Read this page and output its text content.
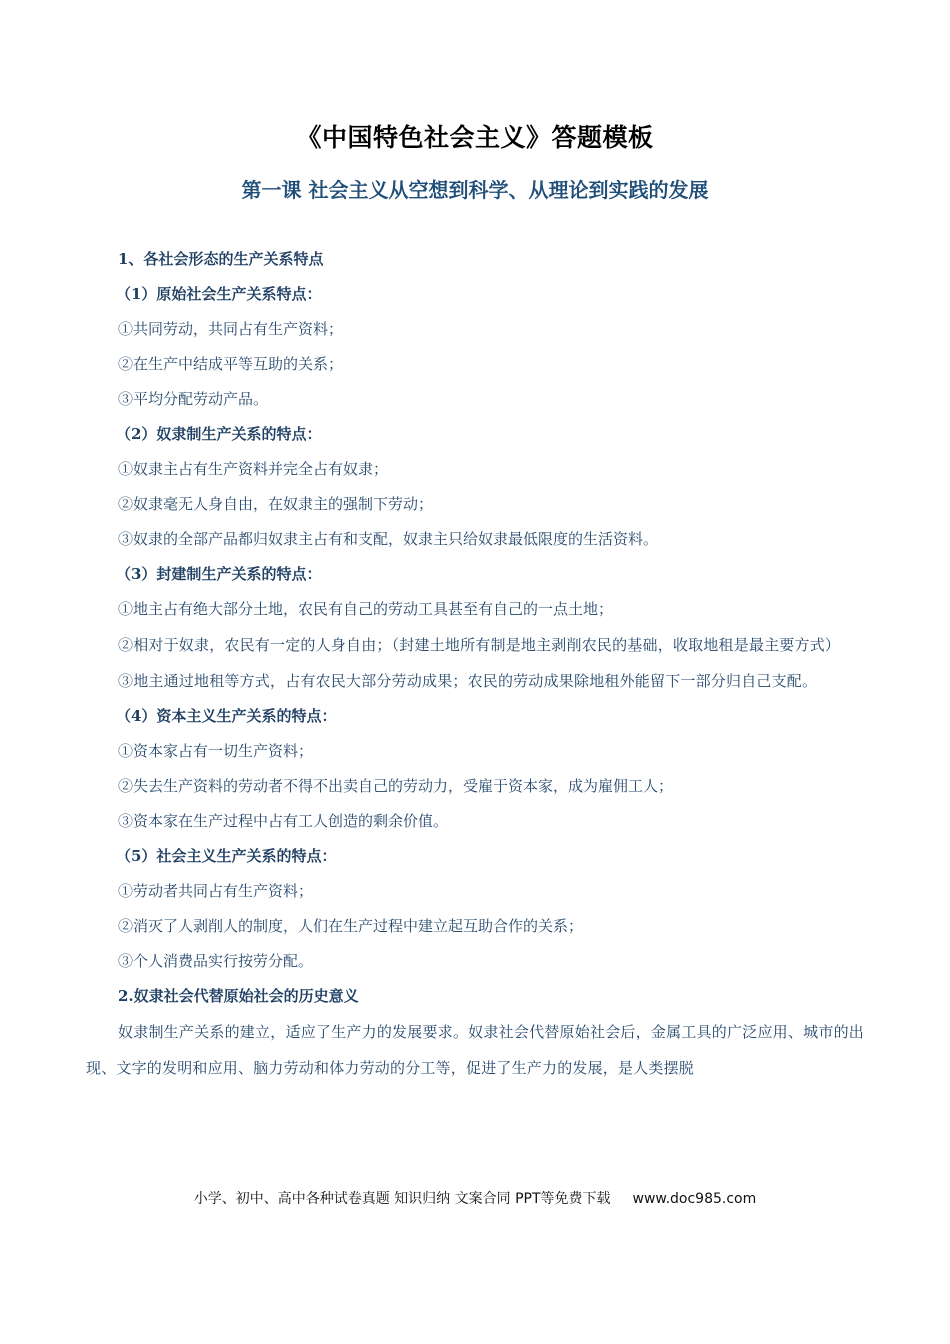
《中国特色社会主义》答题模板
第一课 社会主义从空想到科学、从理论到实践的发展
1、各社会形态的生产关系特点
（1）原始社会生产关系特点：
①共同劳动，共同占有生产资料；
②在生产中结成平等互助的关系；
③平均分配劳动产品。
（2）奴隶制生产关系的特点：
①奴隶主占有生产资料并完全占有奴隶；
②奴隶毫无人身自由，在奴隶主的强制下劳动；
③奴隶的全部产品都归奴隶主占有和支配，奴隶主只给奴隶最低限度的生活资料。
（3）封建制生产关系的特点：
①地主占有绝大部分土地，农民有自己的劳动工具甚至有自己的一点土地；
②相对于奴隶，农民有一定的人身自由；（封建土地所有制是地主剥削农民的基础，收取地租是最主要方式）
③地主通过地租等方式，占有农民大部分劳动成果；农民的劳动成果除地租外能留下一部分归自己支配。
（4）资本主义生产关系的特点：
①资本家占有一切生产资料；
②失去生产资料的劳动者不得不出卖自己的劳动力，受雇于资本家，成为雇佣工人；
③资本家在生产过程中占有工人创造的剩余价值。
（5）社会主义生产关系的特点：
①劳动者共同占有生产资料；
②消灭了人剥削人的制度，人们在生产过程中建立起互助合作的关系；
③个人消费品实行按劳分配。
2.奴隶社会代替原始社会的历史意义
奴隶制生产关系的建立，适应了生产力的发展要求。奴隶社会代替原始社会后，金属工具的广泛应用、城市的出现、文字的发明和应用、脑力劳动和体力劳动的分工等，促进了生产力的发展，是人类摆脱
小学、初中、高中各种试卷真题 知识归纳 文案合同 PPT等免费下载 www.doc985.com
